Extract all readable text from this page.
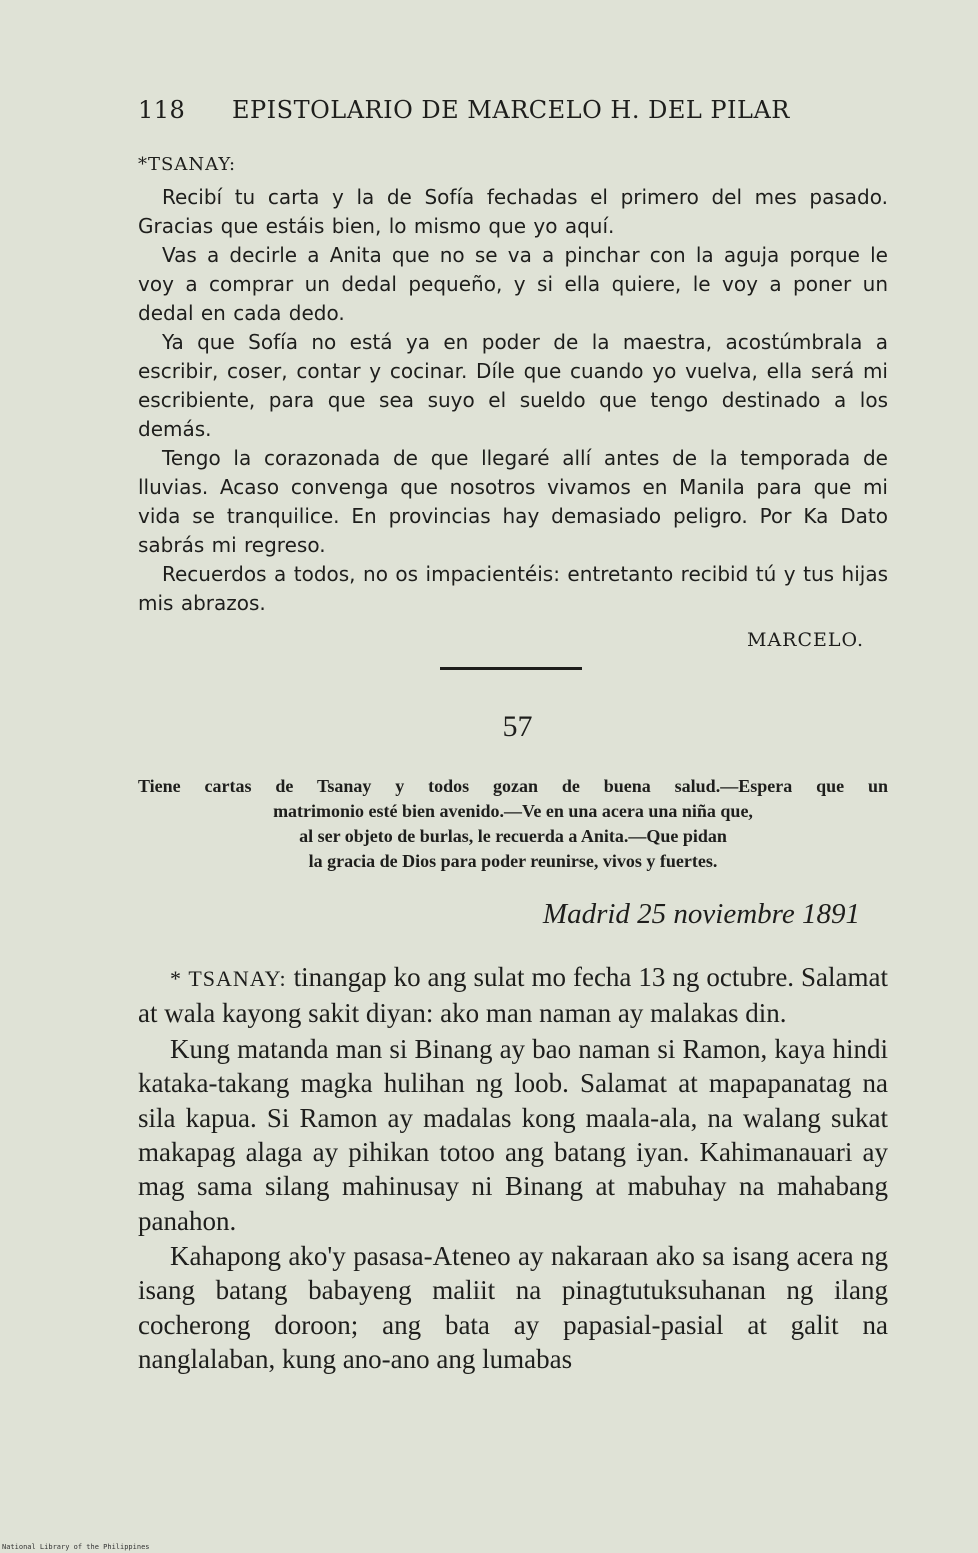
118 EPISTOLARIO DE MARCELO H. DEL PILAR
*TSANAY:

Recibí tu carta y la de Sofía fechadas el primero del mes pasado. Gracias que estáis bien, lo mismo que yo aquí.

Vas a decirle a Anita que no se va a pinchar con la aguja porque le voy a comprar un dedal pequeño, y si ella quiere, le voy a poner un dedal en cada dedo.

Ya que Sofía no está ya en poder de la maestra, acostúmbrala a escribir, coser, contar y cocinar. Díle que cuando yo vuelva, ella será mi escribiente, para que sea suyo el sueldo que tengo destinado a los demás.

Tengo la corazonada de que llegaré allí antes de la temporada de lluvias. Acaso convenga que nosotros vivamos en Manila para que mi vida se tranquilice. En provincias hay demasiado peligro. Por Ka Dato sabrás mi regreso.

Recuerdos a todos, no os impacientéis: entretanto recibid tú y tus hijas mis abrazos.

MARCELO.
57
Tiene cartas de Tsanay y todos gozan de buena salud.—Espera que un
matrimonio esté bien avenido.—Ve en una acera una niña que,
al ser objeto de burlas, le recuerda a Anita.—Que pidan
la gracia de Dios para poder reunirse, vivos y fuertes.
Madrid 25 noviembre 1891

* TSANAY: tinangap ko ang sulat mo fecha 13 ng octubre. Salamat at wala kayong sakit diyan: ako man naman ay malakas din.

Kung matanda man si Binang ay bao naman si Ramon, kaya hindi kataka-takang magka hulihan ng loob. Salamat at mapapanatag na sila kapua. Si Ramon ay madalas kong maala-ala, na walang sukat makapag alaga ay pihikan totoo ang batang iyan. Kahimanauari ay mag sama silang mahinusay ni Binang at mabuhay na mahabang panahon.

Kahapong ako'y pasasa-Ateneo ay nakaraan ako sa isang acera ng isang batang babayeng maliit na pinagtutuksuhanan ng ilang cocherong doroon; ang bata ay papasial-pasial at galit na nanglalaban, kung ano-ano ang lumabas

National Library of the Philippines
